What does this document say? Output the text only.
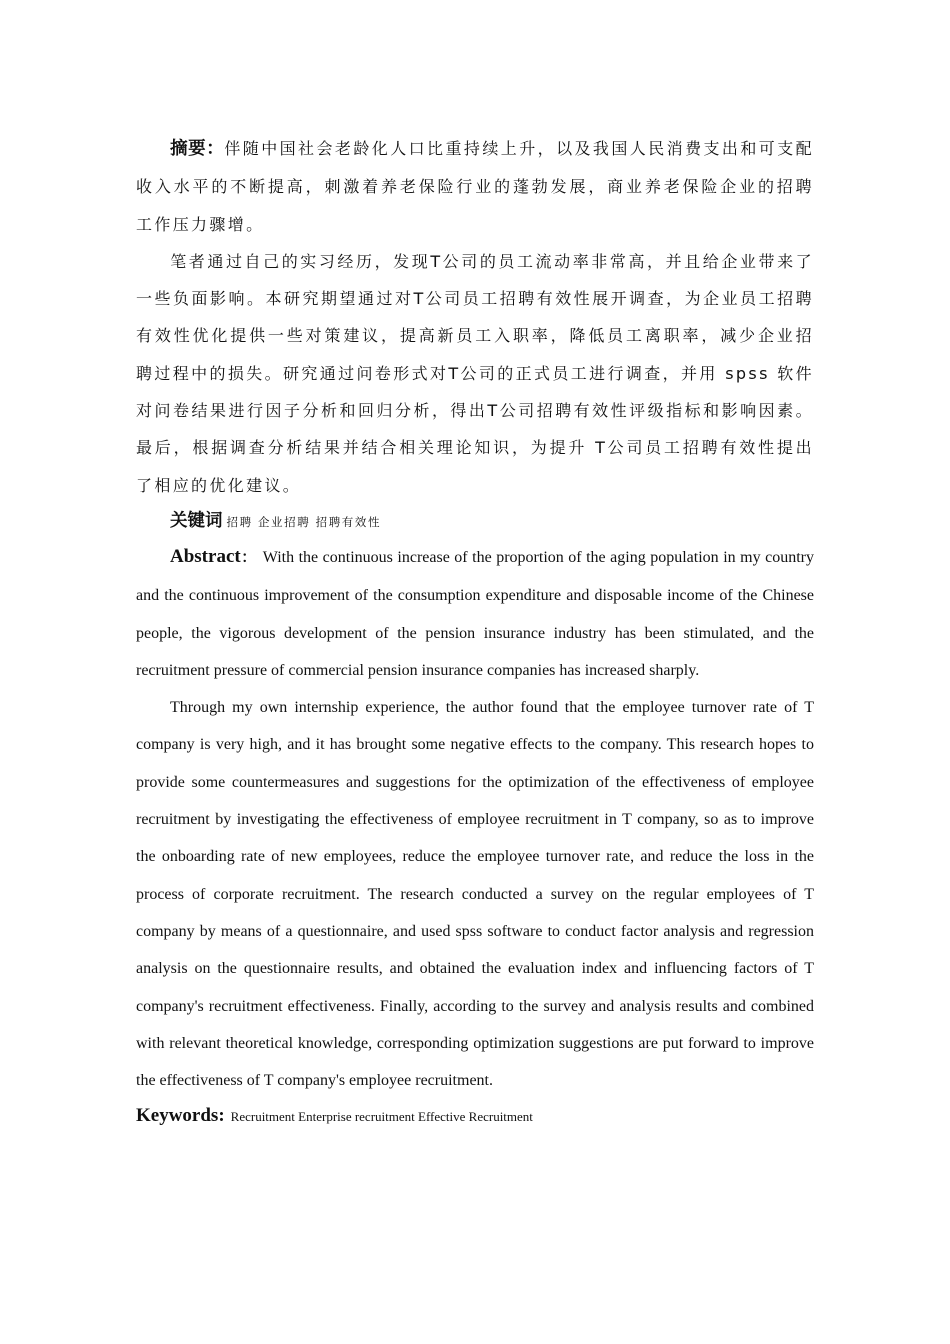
摘要：伴随中国社会老龄化人口比重持续上升，以及我国人民消费支出和可支配收入水平的不断提高，刺激着养老保险行业的蓬勃发展，商业养老保险企业的招聘工作压力骤增。

笔者通过自己的实习经历，发现T公司的员工流动率非常高，并且给企业带来了一些负面影响。本研究期望通过对T公司员工招聘有效性展开调查，为企业员工招聘有效性优化提供一些对策建议，提高新员工入职率，降低员工离职率，减少企业招聘过程中的损失。研究通过问卷形式对T公司的正式员工进行调查，并用 spss 软件对问卷结果进行因子分析和回归分析，得出T公司招聘有效性评级指标和影响因素。最后，根据调查分析结果并结合相关理论知识，为提升 T公司员工招聘有效性提出了相应的优化建议。

关键词 招聘 企业招聘 招聘有效性

Abstract： With the continuous increase of the proportion of the aging population in my country and the continuous improvement of the consumption expenditure and disposable income of the Chinese people, the vigorous development of the pension insurance industry has been stimulated, and the recruitment pressure of commercial pension insurance companies has increased sharply.

Through my own internship experience, the author found that the employee turnover rate of T company is very high, and it has brought some negative effects to the company. This research hopes to provide some countermeasures and suggestions for the optimization of the effectiveness of employee recruitment by investigating the effectiveness of employee recruitment in T company, so as to improve the onboarding rate of new employees, reduce the employee turnover rate, and reduce the loss in the process of corporate recruitment. The research conducted a survey on the regular employees of T company by means of a questionnaire, and used spss software to conduct factor analysis and regression analysis on the questionnaire results, and obtained the evaluation index and influencing factors of T company's recruitment effectiveness. Finally, according to the survey and analysis results and combined with relevant theoretical knowledge, corresponding optimization suggestions are put forward to improve the effectiveness of T company's employee recruitment.

Keywords: Recruitment Enterprise recruitment Effective Recruitment
